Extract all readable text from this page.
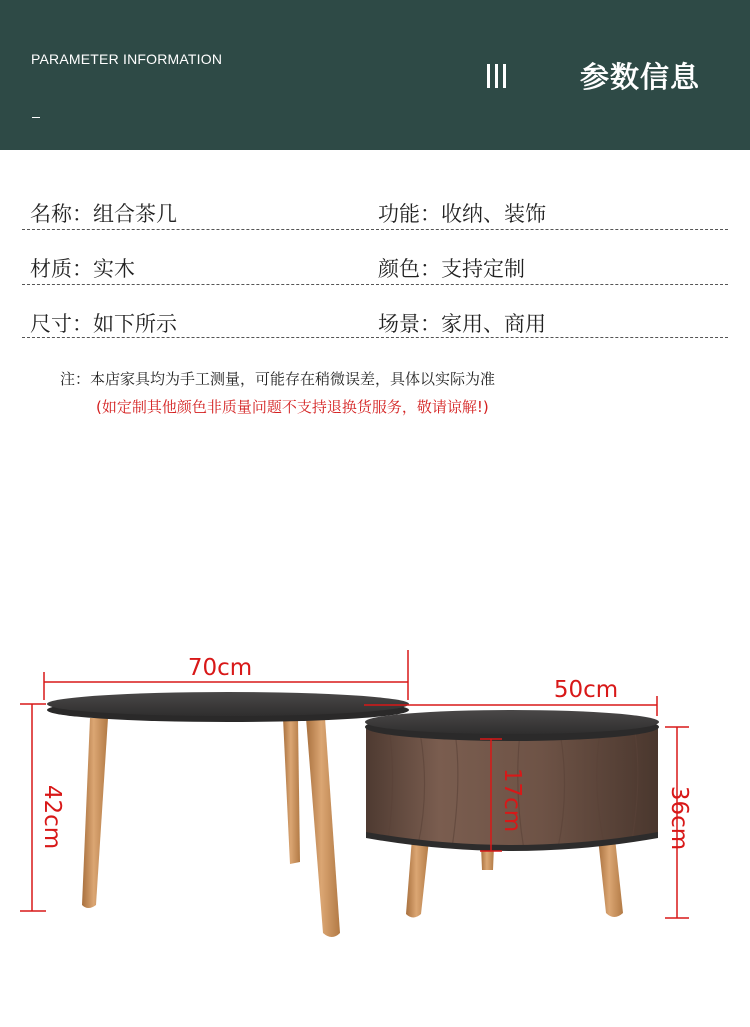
PARAMETER INFORMATION
参数信息
名称：组合茶几	功能：收纳、装饰
材质：实木	颜色：支持定制
尺寸：如下所示	场景：家用、商用
注：本店家具均为手工测量，可能存在稍微误差，具体以实际为准
(如定制其他颜色非质量问题不支持退换货服务，敬请谅解!)
70cm
50cm
42cm	17cm	36cm
